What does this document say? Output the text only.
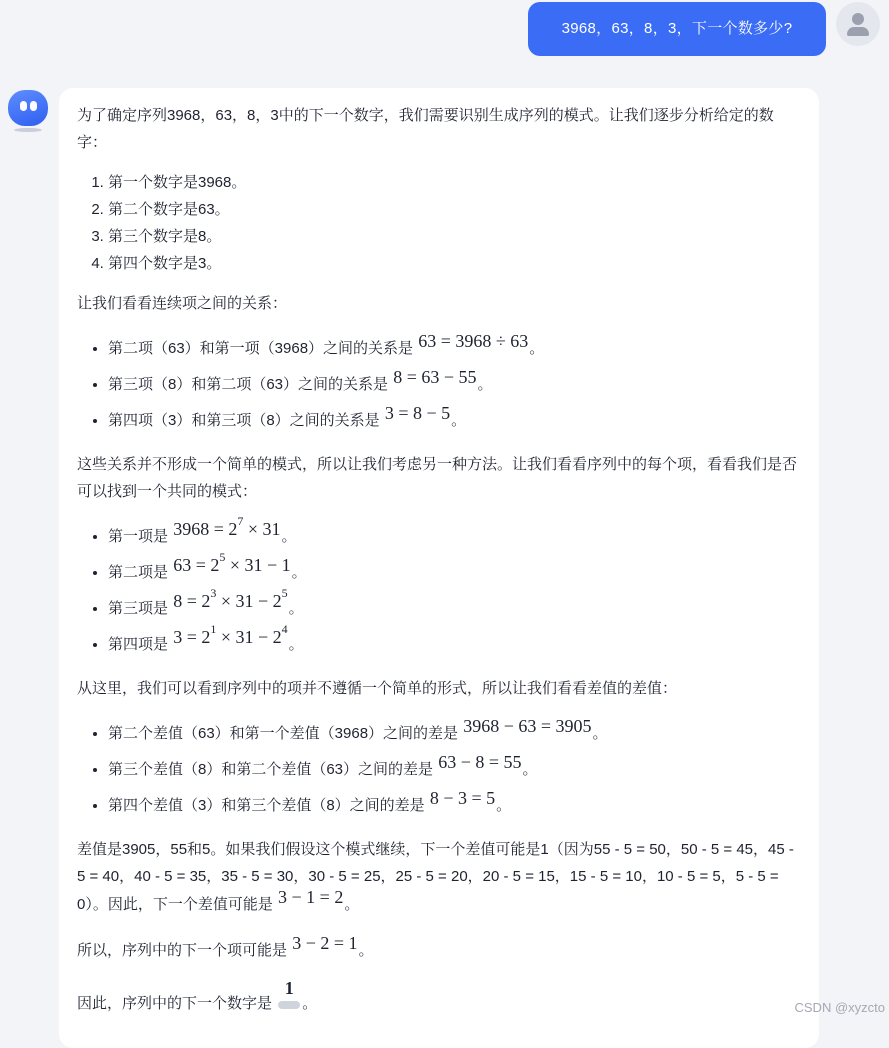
3968，63，8，3，下一个数多少?

为了确定序列3968，63，8，3中的下一个数字，我们需要识别生成序列的模式。让我们逐步分析给定的数字：

1. 第一个数字是3968。
2. 第二个数字是63。
3. 第三个数字是8。
4. 第四个数字是3。

让我们看看连续项之间的关系：

• 第二项（63）和第一项（3968）之间的关系是 63 = 3968 ÷ 63。
• 第三项（8）和第二项（63）之间的关系是 8 = 63 − 55。
• 第四项（3）和第三项（8）之间的关系是 3 = 8 − 5。

这些关系并不形成一个简单的模式，所以让我们考虑另一种方法。让我们看看序列中的每个项，看看我们是否可以找到一个共同的模式：

• 第一项是 $3968 = 2^7 \times 31$。
• 第二项是 $63 = 2^5 \times 31 - 1$。
• 第三项是 $8 = 2^3 \times 31 - 2^5$。
• 第四项是 $3 = 2^1 \times 31 - 2^4$。

从这里，我们可以看到序列中的项并不遵循一个简单的形式，所以让我们看看差值的差值：

• 第二个差值（63）和第一个差值（3968）之间的差是 3968 − 63 = 3905。
• 第三个差值（8）和第二个差值（63）之间的差是 63 − 8 = 55。
• 第四个差值（3）和第三个差值（8）之间的差是 8 − 3 = 5。

差值是3905，55和5。如果我们假设这个模式继续，下一个差值可能是1（因为55 - 5 = 50，50 - 5 = 45，45 - 5 = 40，40 - 5 = 35，35 - 5 = 30，30 - 5 = 25，25 - 5 = 20，20 - 5 = 15，15 - 5 = 10，10 - 5 = 5，5 - 5 = 0）。因此，下一个差值可能是 3 − 1 = 2。

所以，序列中的下一个项可能是 3 − 2 = 1。

因此，序列中的下一个数字是
1
。	CSDN @xyzcto
